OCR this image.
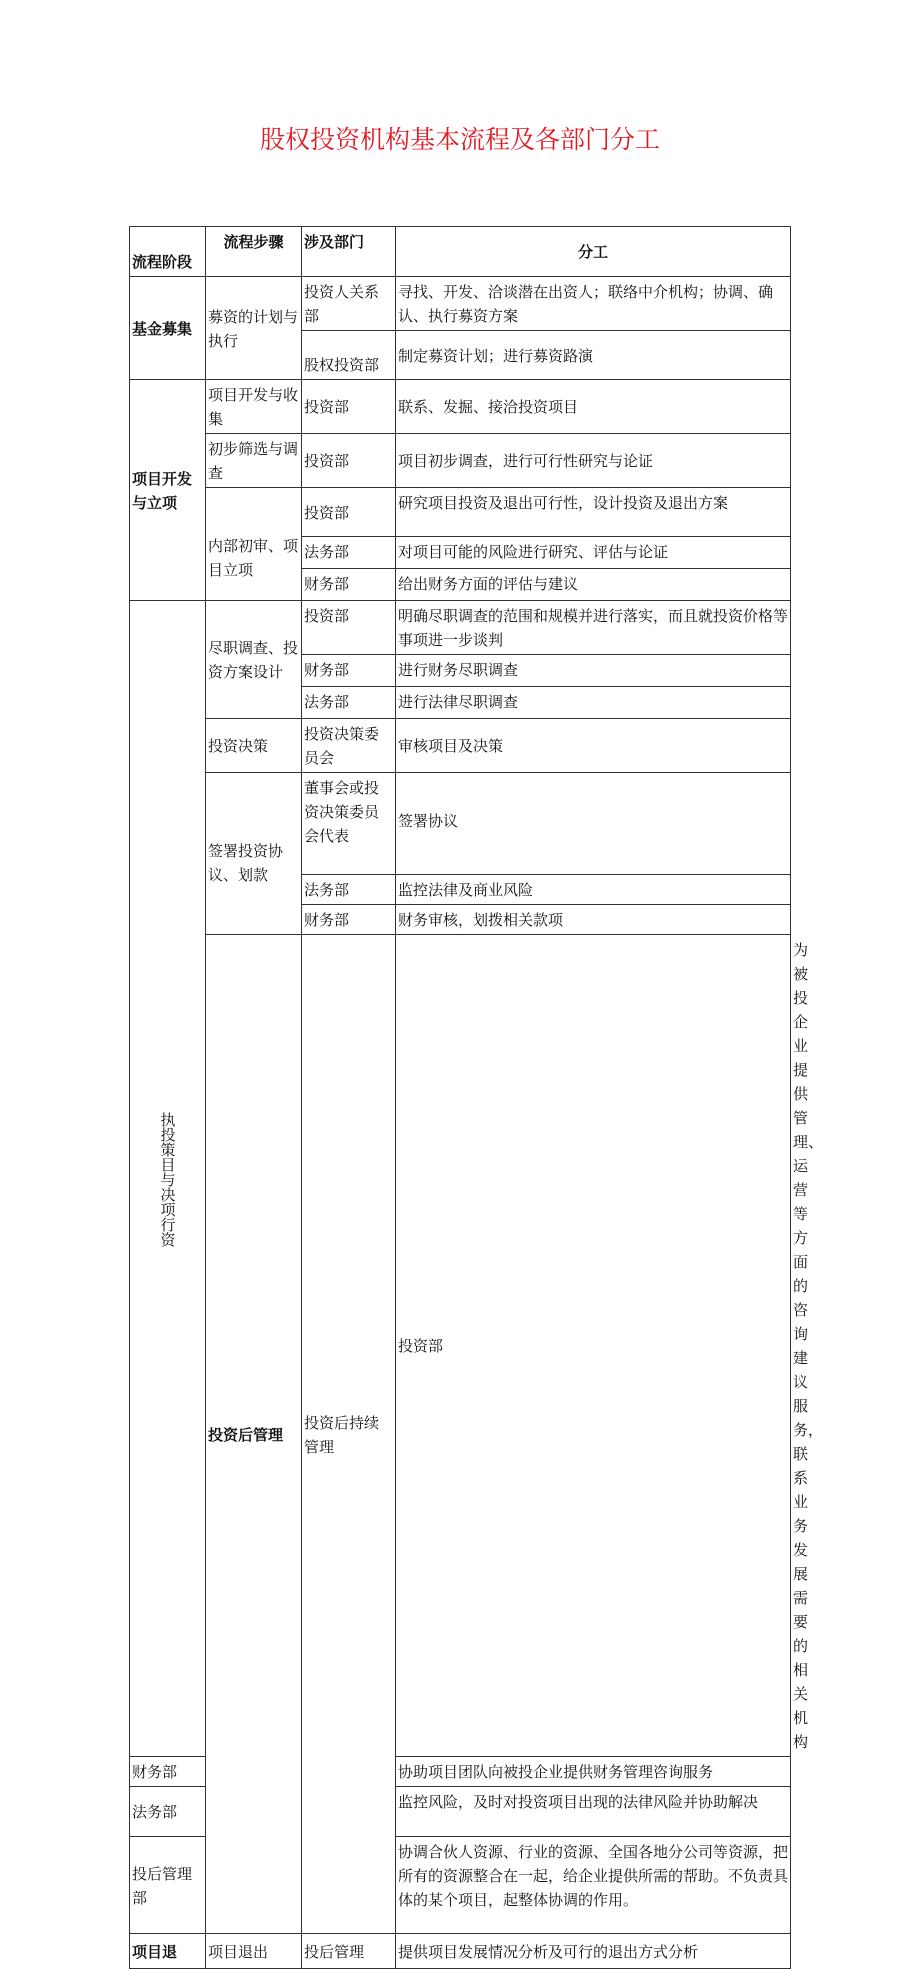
股权投资机构基本流程及各部门分工
流程阶段	流程步骤	涉及部门	分工	
基金募集	募资的计划与执行	投资人关系部	寻找、开发、洽谈潜在出资人；联络中介机构；协调、确认、执行募资方案	
		股权投资部	制定募资计划；进行募资路演	
项目开发与立项	项目开发与收集	投资部	联系、发掘、接洽投资项目	
	初步筛选与调查	投资部	项目初步调查，进行可行性研究与论证	
	内部初审、项目立项	投资部	研究项目投资及退出可行性，设计投资及退出方案	
		法务部	对项目可能的风险进行研究、评估与论证	
		财务部	给出财务方面的评估与建议	

执投策目与决项行资	尽职调查、投资方案设计	投资部	明确尽职调查的范围和规模并进行落实，而且就投资价格等事项进一步谈判	
		财务部	进行财务尽职调查	
		法务部	进行法律尽职调查	
	投资决策	投资决策委员会	审核项目及决策	
	签署投资协议、划款	董事会或投资决策委员会代表	签署协议	
		法务部	监控法律及商业风险	
		财务部	财务审核，划拨相关款项	
	投资后管理	投资后持续管理	投资部	为被投企业提供管理、运营等方面的咨询建议服务，联系业务发展需要的相关机构
财务部			协助项目团队向被投企业提供财务管理咨询服务	
法务部			监控风险，及时对投资项目出现的法律风险并协助解决	
投后管理部			协调合伙人资源、行业的资源、全国各地分公司等资源，把所有的资源整合在一起，给企业提供所需的帮助。不负责具体的某个项目，起整体协调的作用。	
项目退	项目退出	投后管理	提供项目发展情况分析及可行的退出方式分析	
